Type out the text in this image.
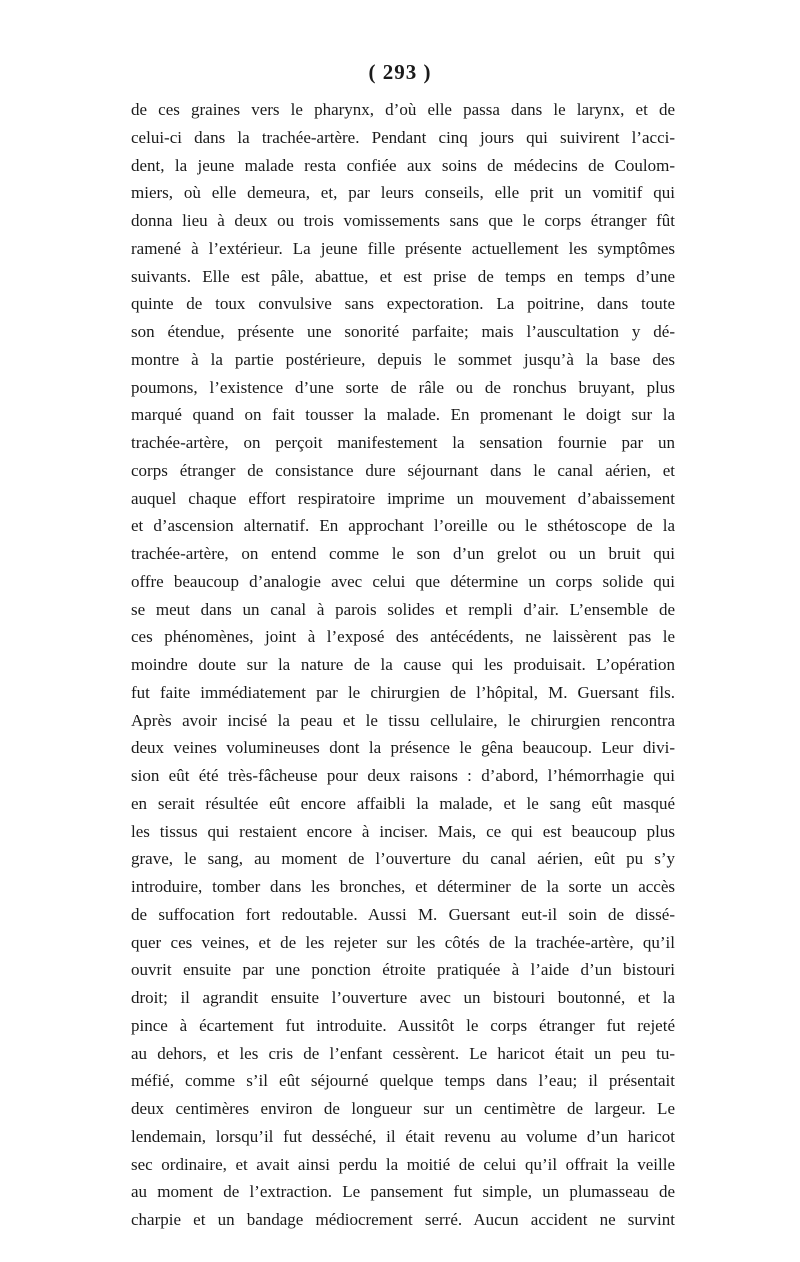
( 293 )
de ces graines vers le pharynx, d’où elle passa dans le larynx, et de
celui-ci dans la trachée-artère. Pendant cinq jours qui suivirent l’acci-
dent, la jeune malade resta confiée aux soins de médecins de Coulom-
miers, où elle demeura, et, par leurs conseils, elle prit un vomitif qui
donna lieu à deux ou trois vomissements sans que le corps étranger fût
ramené à l’extérieur. La jeune fille présente actuellement les symptômes
suivants. Elle est pâle, abattue, et est prise de temps en temps d’une
quinte de toux convulsive sans expectoration. La poitrine, dans toute
son étendue, présente une sonorité parfaite; mais l’auscultation y dé-
montre à la partie postérieure, depuis le sommet jusqu’à la base des
poumons, l’existence d’une sorte de râle ou de ronchus bruyant, plus
marqué quand on fait tousser la malade. En promenant le doigt sur la
trachée-artère, on perçoit manifestement la sensation fournie par un
corps étranger de consistance dure séjournant dans le canal aérien, et
auquel chaque effort respiratoire imprime un mouvement d’abaissement
et d’ascension alternatif. En approchant l’oreille ou le sthétoscope de la
trachée-artère, on entend comme le son d’un grelot ou un bruit qui
offre beaucoup d’analogie avec celui que détermine un corps solide qui
se meut dans un canal à parois solides et rempli d’air. L’ensemble de
ces phénomènes, joint à l’exposé des antécédents, ne laissèrent pas le
moindre doute sur la nature de la cause qui les produisait. L’opération
fut faite immédiatement par le chirurgien de l’hôpital, M. Guersant fils.
Après avoir incisé la peau et le tissu cellulaire, le chirurgien rencontra
deux veines volumineuses dont la présence le gêna beaucoup. Leur divi-
sion eût été très-fâcheuse pour deux raisons : d’abord, l’hémorrhagie qui
en serait résultée eût encore affaibli la malade, et le sang eût masqué
les tissus qui restaient encore à inciser. Mais, ce qui est beaucoup plus
grave, le sang, au moment de l’ouverture du canal aérien, eût pu s’y
introduire, tomber dans les bronches, et déterminer de la sorte un accès
de suffocation fort redoutable. Aussi M. Guersant eut-il soin de dissé-
quer ces veines, et de les rejeter sur les côtés de la trachée-artère, qu’il
ouvrit ensuite par une ponction étroite pratiquée à l’aide d’un bistouri
droit; il agrandit ensuite l’ouverture avec un bistouri boutonné, et la
pince à écartement fut introduite. Aussitôt le corps étranger fut rejeté
au dehors, et les cris de l’enfant cessèrent. Le haricot était un peu tu-
méfié, comme s’il eût séjourné quelque temps dans l’eau; il présentait
deux centimères environ de longueur sur un centimètre de largeur. Le
lendemain, lorsqu’il fut desséché, il était revenu au volume d’un haricot
sec ordinaire, et avait ainsi perdu la moitié de celui qu’il offrait la veille
au moment de l’extraction. Le pansement fut simple, un plumasseau de
charpie et un bandage médiocrement serré. Aucun accident ne survint
